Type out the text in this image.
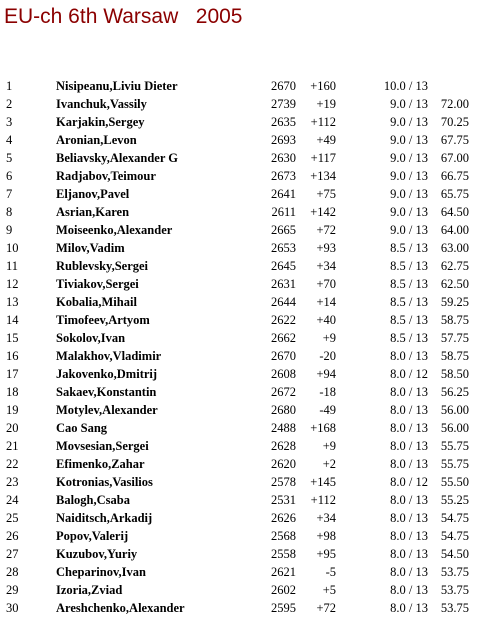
EU-ch 6th Warsaw   2005
1	Nisipeanu,Liviu Dieter	2670	+160	10.0 / 13
2	Ivanchuk,Vassily	2739	+19	9.0 / 13	72.00
3	Karjakin,Sergey	2635	+112	9.0 / 13	70.25
4	Aronian,Levon	2693	+49	9.0 / 13	67.75
5	Beliavsky,Alexander G	2630	+117	9.0 / 13	67.00
6	Radjabov,Teimour	2673	+134	9.0 / 13	66.75
7	Eljanov,Pavel	2641	+75	9.0 / 13	65.75
8	Asrian,Karen	2611	+142	9.0 / 13	64.50
9	Moiseenko,Alexander	2665	+72	9.0 / 13	64.00
10	Milov,Vadim	2653	+93	8.5 / 13	63.00
11	Rublevsky,Sergei	2645	+34	8.5 / 13	62.75
12	Tiviakov,Sergei	2631	+70	8.5 / 13	62.50
13	Kobalia,Mihail	2644	+14	8.5 / 13	59.25
14	Timofeev,Artyom	2622	+40	8.5 / 13	58.75
15	Sokolov,Ivan	2662	+9	8.5 / 13	57.75
16	Malakhov,Vladimir	2670	-20	8.0 / 13	58.75
17	Jakovenko,Dmitrij	2608	+94	8.0 / 12	58.50
18	Sakaev,Konstantin	2672	-18	8.0 / 13	56.25
19	Motylev,Alexander	2680	-49	8.0 / 13	56.00
20	Cao Sang	2488	+168	8.0 / 13	56.00
21	Movsesian,Sergei	2628	+9	8.0 / 13	55.75
22	Efimenko,Zahar	2620	+2	8.0 / 13	55.75
23	Kotronias,Vasilios	2578	+145	8.0 / 12	55.50
24	Balogh,Csaba	2531	+112	8.0 / 13	55.25
25	Naiditsch,Arkadij	2626	+34	8.0 / 13	54.75
26	Popov,Valerij	2568	+98	8.0 / 13	54.75
27	Kuzubov,Yuriy	2558	+95	8.0 / 13	54.50
28	Cheparinov,Ivan	2621	-5	8.0 / 13	53.75
29	Izoria,Zviad	2602	+5	8.0 / 13	53.75
30	Areshchenko,Alexander	2595	+72	8.0 / 13	53.75
